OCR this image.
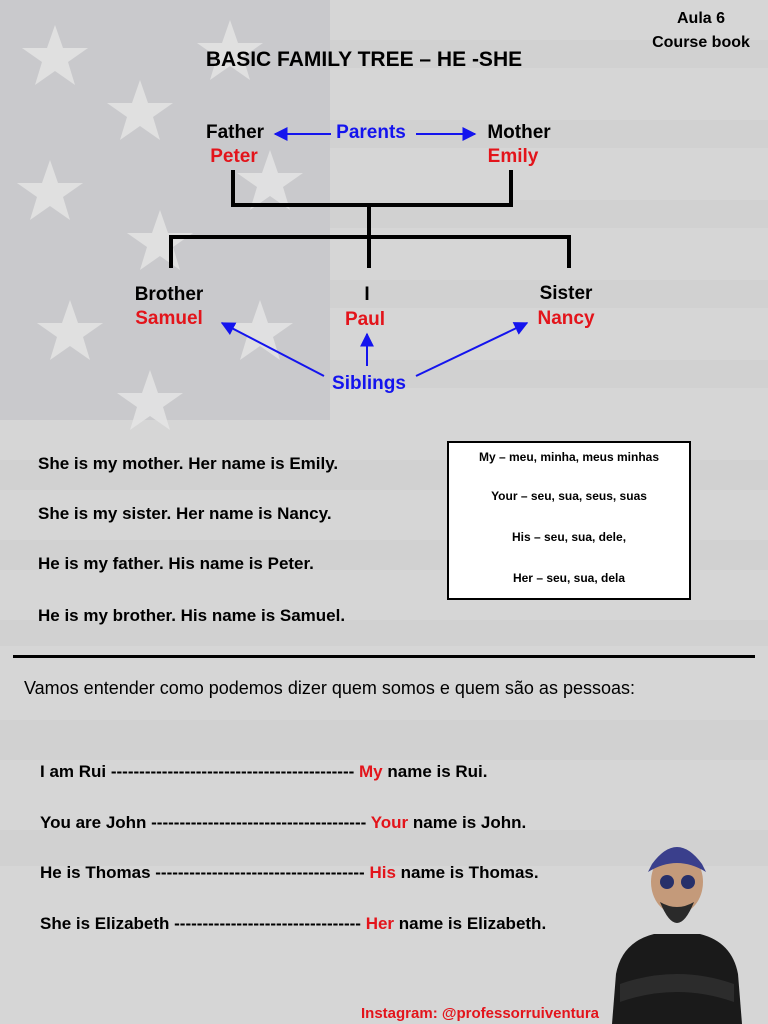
Aula 6
Course book
BASIC FAMILY TREE – HE -SHE
Father
Peter
Parents	Mother
Emily
Brother
Samuel
I
Paul
Sister
Nancy
Siblings
She is my mother. Her name is Emily.
She is my sister. Her name is Nancy.
He is my father. His name is Peter.
He is my brother. His name is Samuel.
My – meu, minha, meus minhas
Your – seu, sua, seus, suas
His – seu, sua, dele,
Her – seu, sua, dela
Vamos entender como podemos dizer quem somos e quem são as pessoas:
I am Rui ------------------------------------------- My name is Rui.
You are John -------------------------------------- Your name is John.
He is Thomas ------------------------------------- His name is Thomas.
She is Elizabeth --------------------------------- Her name is Elizabeth.
Instagram: @professorruiventura
